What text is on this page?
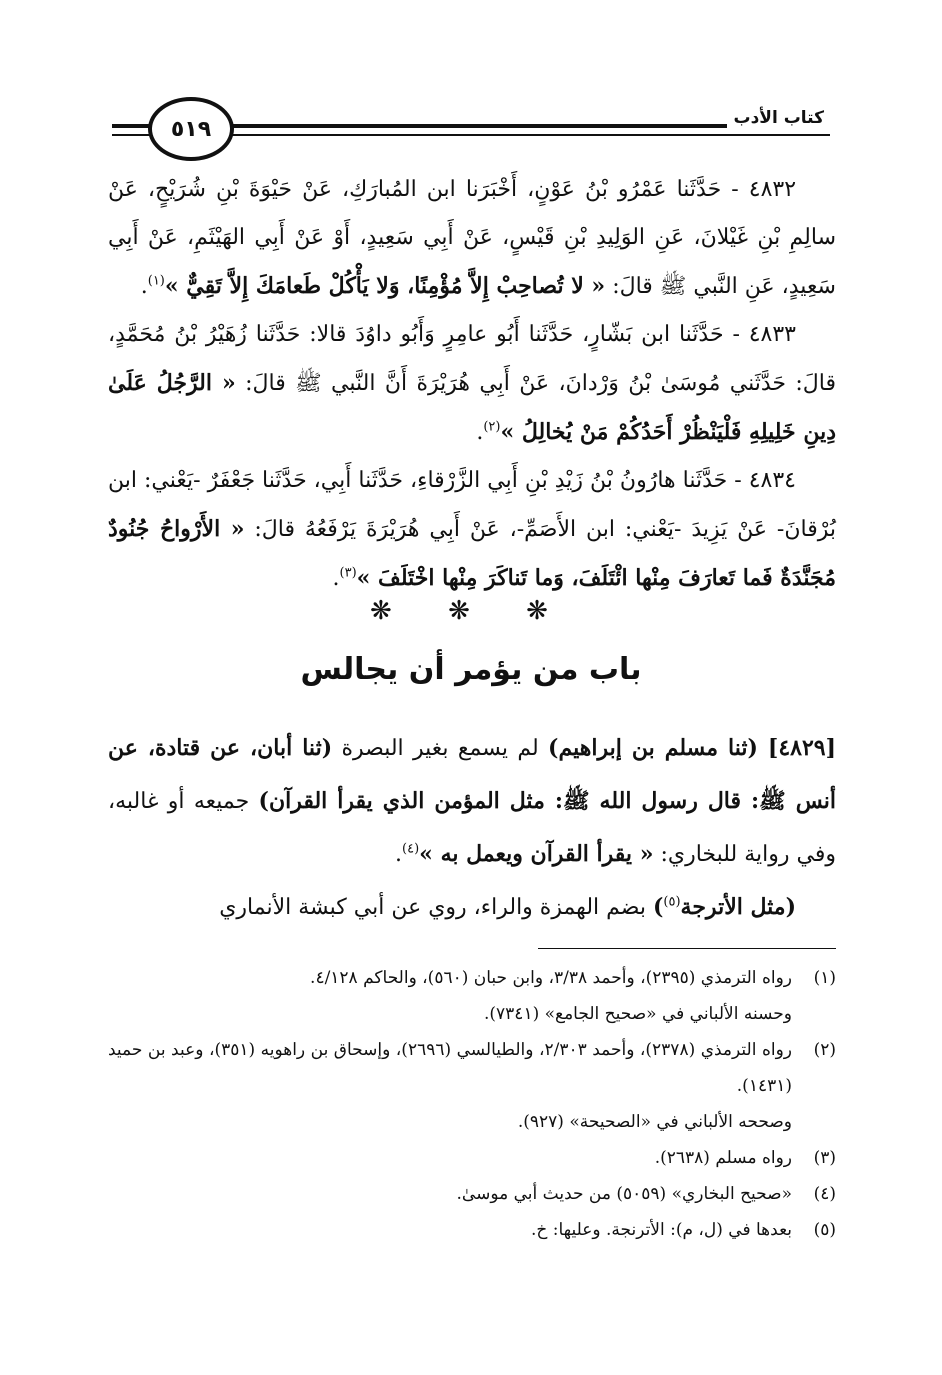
٥١٩	كتاب الأدب

٤٨٣٢ - حَدَّثَنا عَمْرُو بْنُ عَوْنٍ، أَخْبَرَنا ابن المُبارَكِ، عَنْ حَيْوَةَ بْنِ شُرَيْحٍ، عَنْ سالِمِ بْنِ غَيْلانَ، عَنِ الوَلِيدِ بْنِ قَيْسٍ، عَنْ أَبِي سَعِيدٍ، أَوْ عَنْ أَبِي الهَيْثَمِ، عَنْ أَبِي سَعِيدٍ، عَنِ النَّبي ﷺ قالَ: « لا تُصاحِبْ إِلاَّ مُؤْمِنًا، وَلا يَأْكُلْ طَعامَكَ إِلاَّ تَقِيٌّ »$^{(١)}$.

٤٨٣٣ - حَدَّثَنا ابن بَشّارٍ، حَدَّثَنا أَبُو عامِرٍ وَأَبُو داوُدَ قالا: حَدَّثَنا زُهَيْرُ بْنُ مُحَمَّدٍ، قالَ: حَدَّثَني مُوسَىٰ بْنُ وَرْدانَ، عَنْ أَبِي هُرَيْرَةَ أَنَّ النَّبي ﷺ قالَ: « الرَّجُلُ عَلَىٰ دِينِ خَلِيلِهِ فَلْيَنْظُرْ أَحَدُكُمْ مَنْ يُخالِلُ »$^{(٢)}$.

٤٨٣٤ - حَدَّثَنا هارُونُ بْنُ زَيْدِ بْنِ أَبِي الزَّرْقاءِ، حَدَّثَنا أَبِي، حَدَّثَنا جَعْفَرٌ -يَعْني: ابن بُرْقانَ- عَنْ يَزِيدَ -يَعْني: ابن الأَصَمِّ-، عَنْ أَبِي هُرَيْرَةَ يَرْفَعُهُ قالَ: « الأَرْواحُ جُنُودٌ مُجَنَّدَةٌ فَما تَعارَفَ مِنْها ائْتَلَفَ، وَما تَناكَرَ مِنْها اخْتَلَفَ »$^{(٣)}$.

❋ ❋ ❋
باب من يؤمر أن يجالس

[٤٨٢٩] (ثنا مسلم بن إبراهيم) لم يسمع بغير البصرة (ثنا أبان، عن قتادة، عن أنس ﷺ: قال رسول الله ﷺ: مثل المؤمن الذي يقرأ القرآن) جميعه أو غالبه، وفي رواية للبخاري: « يقرأ القرآن ويعمل به »$^{(٤)}$.

(مثل الأترجة$^{(٥)}$) بضم الهمزة والراء، روي عن أبي كبشة الأنماري

(١)
رواه الترمذي (٢٣٩٥)، وأحمد ٣/٣٨، وابن حبان (٥٦٠)، والحاكم ٤/١٢٨.
وحسنه الألباني في «صحيح الجامع» (٧٣٤١).
(٢)
رواه الترمذي (٢٣٧٨)، وأحمد ٢/٣٠٣، والطيالسي (٢٦٩٦)، وإسحاق بن راهويه (٣٥١)، وعبد بن حميد (١٤٣١).
وصححه الألباني في «الصحيحة» (٩٢٧).
(٣)
رواه مسلم (٢٦٣٨).
(٤)
«صحيح البخاري» (٥٠٥٩) من حديث أبي موسىٰ.
(٥)
بعدها في (ل، م): الأترنجة. وعليها: خ.
